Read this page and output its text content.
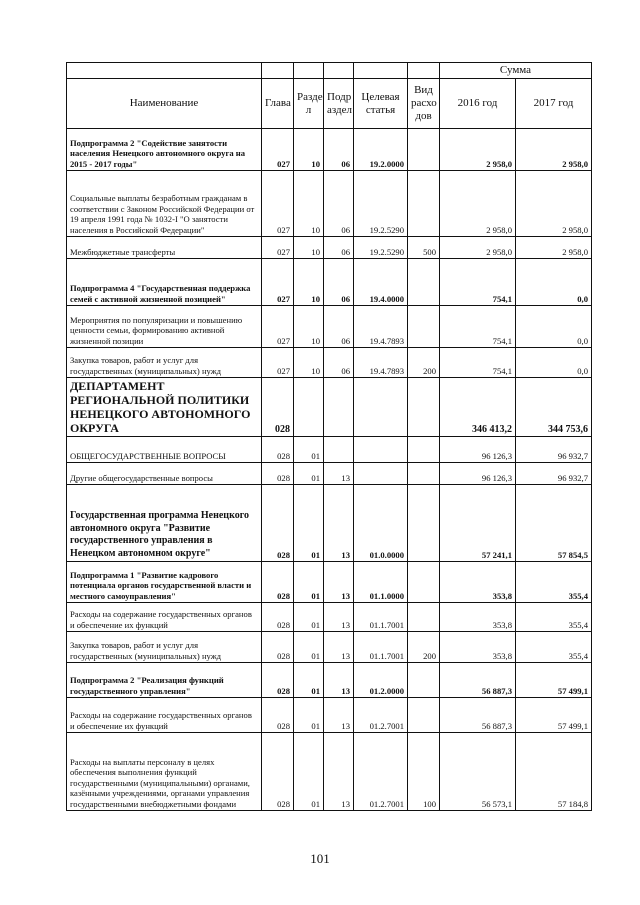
						Сумма	
Наименование	Глава	Разде л	Подр аздел	Целевая статья	Вид расхо дов	2016 год	2017 год
Подпрограмма 2 "Содействие занятости населения Ненецкого автономного округа на 2015 - 2017 годы"	027	10	06	19.2.0000		2 958,0	2 958,0
Социальные выплаты безработным гражданам в соответствии с Законом Российской Федерации от 19 апреля 1991 года № 1032-I "О занятости населения в Российской Федерации"	027	10	06	19.2.5290		2 958,0	2 958,0
Межбюджетные трансферты	027	10	06	19.2.5290	500	2 958,0	2 958,0
Подпрограмма 4 "Государственная поддержка семей с активной жизненной позицией"	027	10	06	19.4.0000		754,1	0,0
Мероприятия по популяризации и повышению ценности семьи, формированию активной жизненной позиции	027	10	06	19.4.7893		754,1	0,0
Закупка товаров, работ и услуг для государственных (муниципальных) нужд	027	10	06	19.4.7893	200	754,1	0,0
ДЕПАРТАМЕНТ РЕГИОНАЛЬНОЙ ПОЛИТИКИ НЕНЕЦКОГО АВТОНОМНОГО ОКРУГА	028					346 413,2	344 753,6
ОБЩЕГОСУДАРСТВЕННЫЕ ВОПРОСЫ	028	01				96 126,3	96 932,7
Другие общегосударственные вопросы	028	01	13			96 126,3	96 932,7
Государственная программа Ненецкого автономного округа "Развитие государственного управления в Ненецком автономном округе"	028	01	13	01.0.0000		57 241,1	57 854,5
Подпрограмма 1 "Развитие кадрового потенциала органов государственной власти и местного самоуправления"	028	01	13	01.1.0000		353,8	355,4
Расходы на содержание государственных органов и обеспечение их функций	028	01	13	01.1.7001		353,8	355,4
Закупка товаров, работ и услуг для государственных (муниципальных) нужд	028	01	13	01.1.7001	200	353,8	355,4
Подпрограмма 2 "Реализация функций государственного управления"	028	01	13	01.2.0000		56 887,3	57 499,1
Расходы на содержание государственных органов и обеспечение их функций	028	01	13	01.2.7001		56 887,3	57 499,1
Расходы на выплаты персоналу в целях обеспечения выполнения функций государственными (муниципальными) органами, казёнными учреждениями, органами управления государственными внебюджетными фондами	028	01	13	01.2.7001	100	56 573,1	57 184,8
101
